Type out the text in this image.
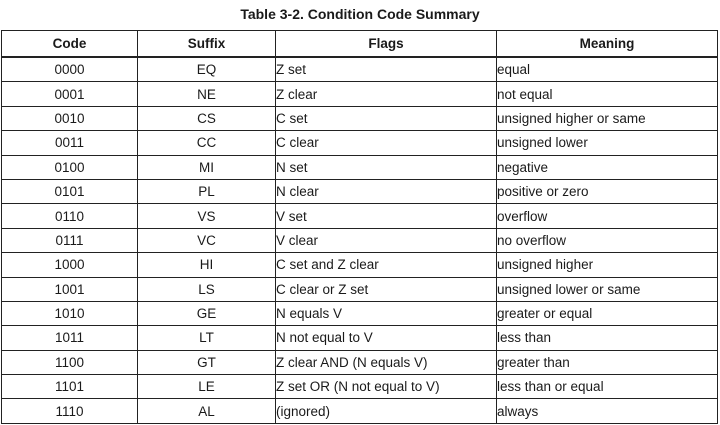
Table 3-2. Condition Code Summary
Code	Suffix	Flags	Meaning
0000	EQ	Z set	equal
0001	NE	Z clear	not equal
0010	CS	C set	unsigned higher or same
0011	CC	C clear	unsigned lower
0100	MI	N set	negative
0101	PL	N clear	positive or zero
0110	VS	V set	overflow
0111	VC	V clear	no overflow
1000	HI	C set and Z clear	unsigned higher
1001	LS	C clear or Z set	unsigned lower or same
1010	GE	N equals V	greater or equal
1011	LT	N not equal to V	less than
1100	GT	Z clear AND (N equals V)	greater than
1101	LE	Z set OR (N not equal to V)	less than or equal
1110	AL	(ignored)	always
